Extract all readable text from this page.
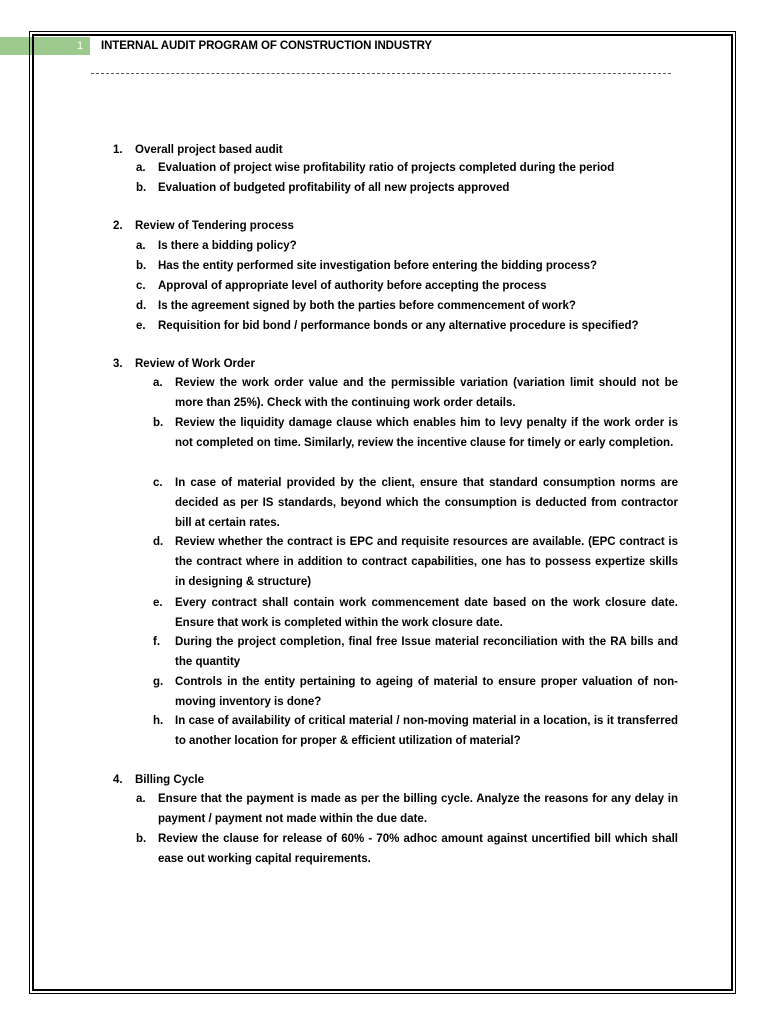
1 INTERNAL AUDIT PROGRAM OF CONSTRUCTION INDUSTRY
1. Overall project based audit
a. Evaluation of project wise profitability ratio of projects completed during the period
b. Evaluation of budgeted profitability of all new projects approved
2. Review of Tendering process
a. Is there a bidding policy?
b. Has the entity performed site investigation before entering the bidding process?
c. Approval of appropriate level of authority before accepting the process
d. Is the agreement signed by both the parties before commencement of work?
e. Requisition for bid bond / performance bonds or any alternative procedure is specified?
3. Review of Work Order
a. Review the work order value and the permissible variation (variation limit should not be more than 25%). Check with the continuing work order details.
b. Review the liquidity damage clause which enables him to levy penalty if the work order is not completed on time. Similarly, review the incentive clause for timely or early completion.
c. In case of material provided by the client, ensure that standard consumption norms are decided as per IS standards, beyond which the consumption is deducted from contractor bill at certain rates.
d. Review whether the contract is EPC and requisite resources are available. (EPC contract is the contract where in addition to contract capabilities, one has to possess expertize skills in designing & structure)
e. Every contract shall contain work commencement date based on the work closure date. Ensure that work is completed within the work closure date.
f. During the project completion, final free Issue material reconciliation with the RA bills and the quantity
g. Controls in the entity pertaining to ageing of material to ensure proper valuation of non-moving inventory is done?
h. In case of availability of critical material / non-moving material in a location, is it transferred to another location for proper & efficient utilization of material?
4. Billing Cycle
a. Ensure that the payment is made as per the billing cycle. Analyze the reasons for any delay in payment / payment not made within the due date.
b. Review the clause for release of 60% - 70% adhoc amount against uncertified bill which shall ease out working capital requirements.
